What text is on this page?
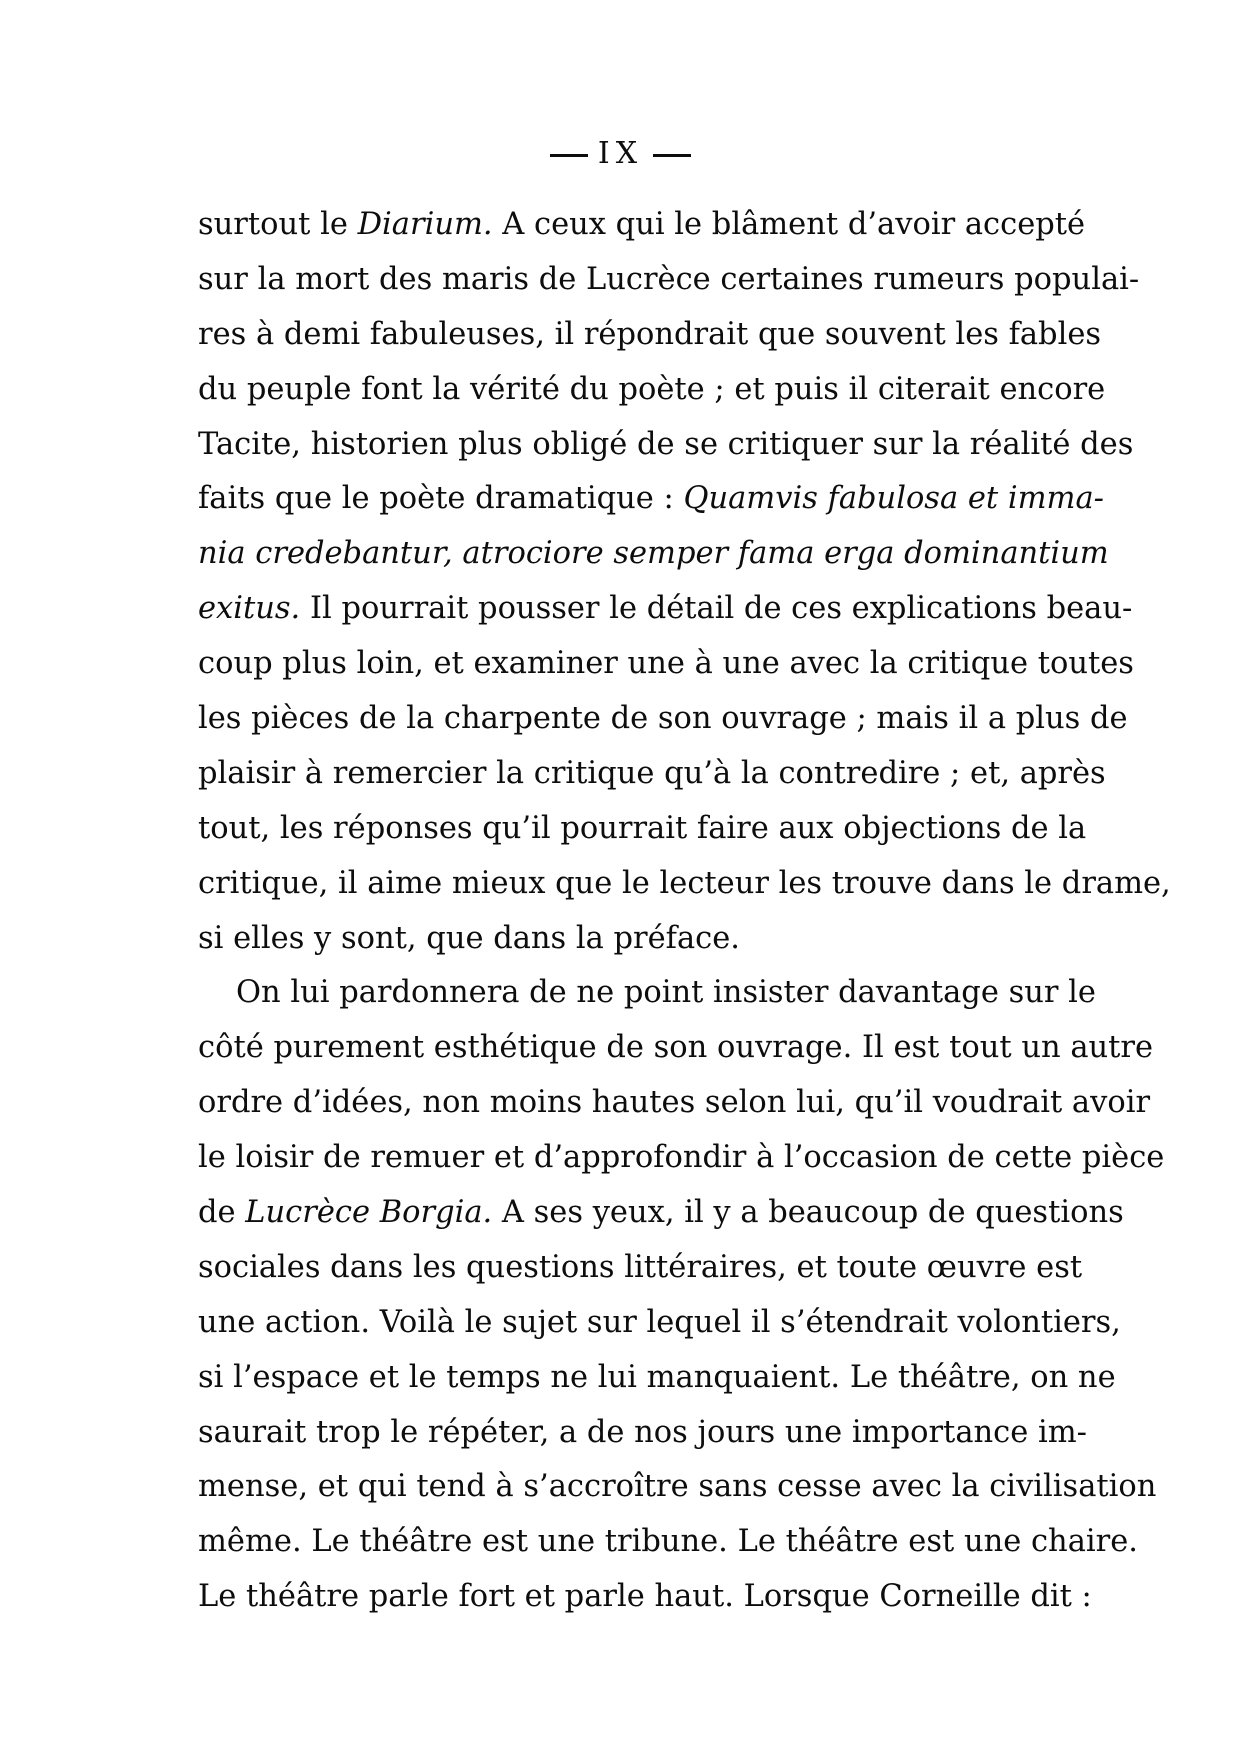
IX
surtout le Diarium. A ceux qui le blâment d’avoir accepté
sur la mort des maris de Lucrèce certaines rumeurs populai-
res à demi fabuleuses, il répondrait que souvent les fables
du peuple font la vérité du poète ; et puis il citerait encore
Tacite, historien plus obligé de se critiquer sur la réalité des
faits que le poète dramatique : Quamvis fabulosa et imma-
nia credebantur, atrociore semper fama erga dominantium
exitus. Il pourrait pousser le détail de ces explications beau-
coup plus loin, et examiner une à une avec la critique toutes
les pièces de la charpente de son ouvrage ; mais il a plus de
plaisir à remercier la critique qu’à la contredire ; et, après
tout, les réponses qu’il pourrait faire aux objections de la
critique, il aime mieux que le lecteur les trouve dans le drame,
si elles y sont, que dans la préface.
On lui pardonnera de ne point insister davantage sur le
côté purement esthétique de son ouvrage. Il est tout un autre
ordre d’idées, non moins hautes selon lui, qu’il voudrait avoir
le loisir de remuer et d’approfondir à l’occasion de cette pièce
de Lucrèce Borgia. A ses yeux, il y a beaucoup de questions
sociales dans les questions littéraires, et toute œuvre est
une action. Voilà le sujet sur lequel il s’étendrait volontiers,
si l’espace et le temps ne lui manquaient. Le théâtre, on ne
saurait trop le répéter, a de nos jours une importance im-
mense, et qui tend à s’accroître sans cesse avec la civilisation
même. Le théâtre est une tribune. Le théâtre est une chaire.
Le théâtre parle fort et parle haut. Lorsque Corneille dit :
